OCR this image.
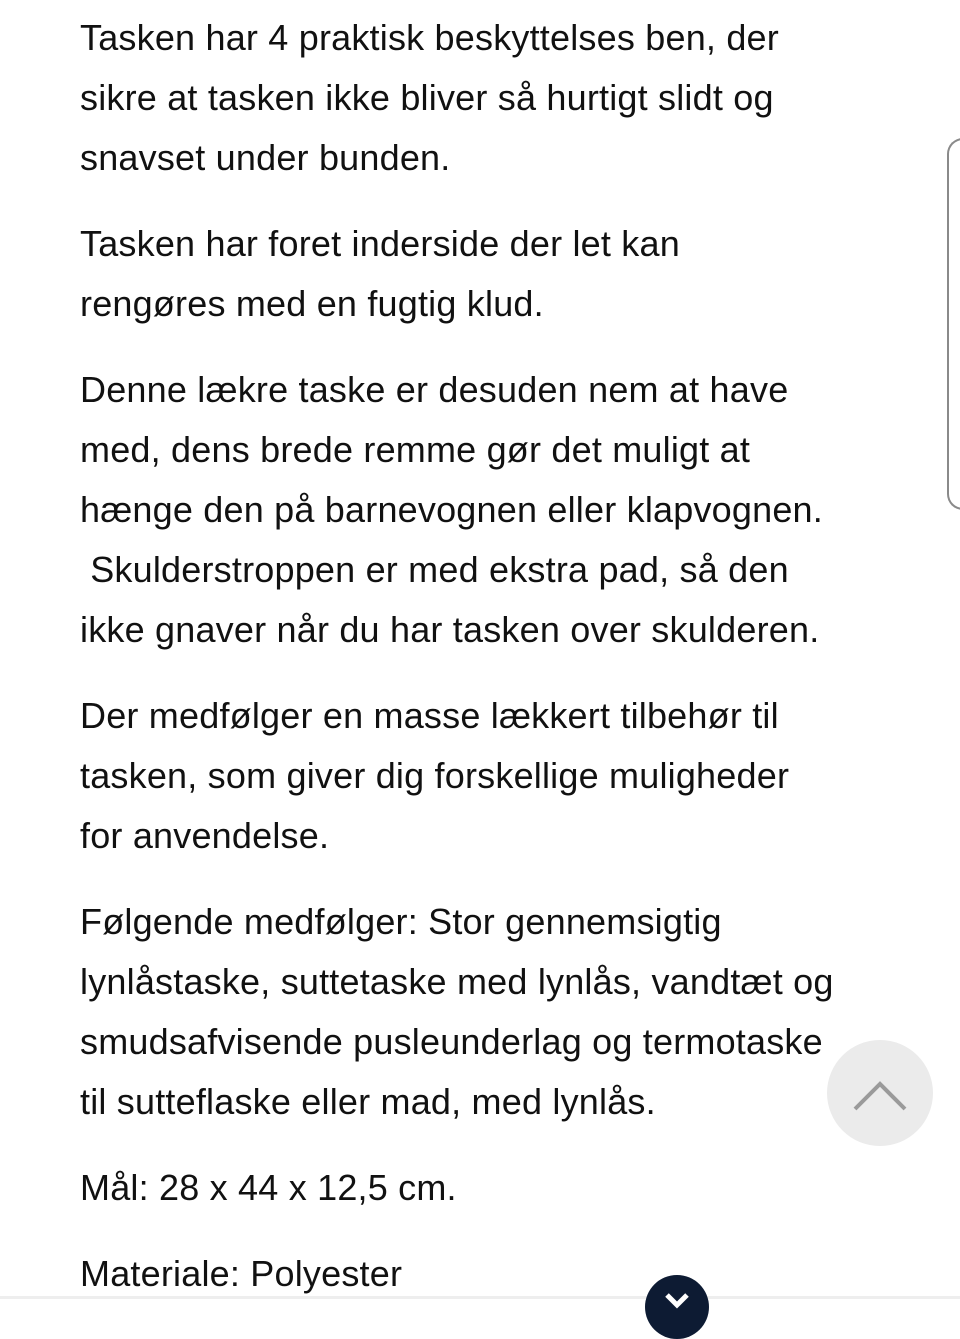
Tasken har 4 praktisk beskyttelses ben, der
sikre at tasken ikke bliver så hurtigt slidt og
snavset under bunden.
Tasken har foret inderside der let kan
rengøres med en fugtig klud.
Denne lækre taske er desuden nem at have
med, dens brede remme gør det muligt at
hænge den på barnevognen eller klapvognen.
Skulderstroppen er med ekstra pad, så den
ikke gnaver når du har tasken over skulderen.
Der medfølger en masse lækkert tilbehør til
tasken, som giver dig forskellige muligheder
for anvendelse.
Følgende medfølger: Stor gennemsigtig
lynlåstaske, suttetaske med lynlås, vandtæt og
smudsafvisende pusleunderlag og termotaske
til sutteflaske eller mad, med lynlås.
Mål: 28 x 44 x 12,5 cm.
Materiale: Polyester
